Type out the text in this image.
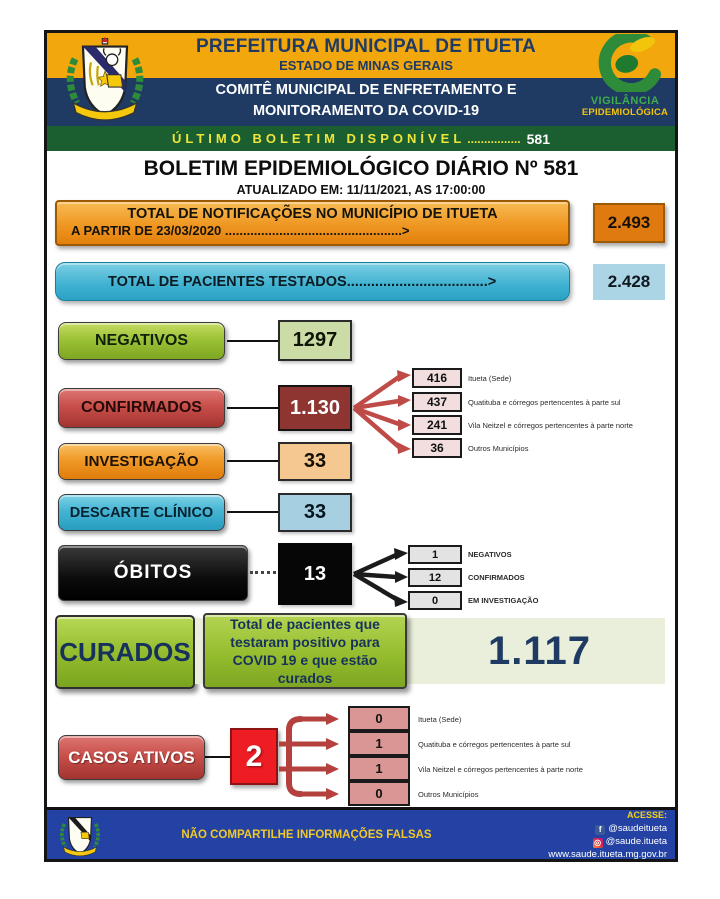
PREFEITURA MUNICIPAL DE ITUETA
ESTADO DE MINAS GERAIS
COMITÊ MUNICIPAL DE ENFRETAMENTO E
MONITORAMENTO DA COVID-19
VIGILÂNCIA
EPIDEMIOLÓGICA
ÚLTIMO BOLETIM DISPONÍVEL ................ 581
BOLETIM EPIDEMIOLÓGICO DIÁRIO Nº 581
ATUALIZADO EM: 11/11/2021, AS 17:00:00
TOTAL DE NOTIFICAÇÕES NO MUNICÍPIO DE ITUETA
A PARTIR DE 23/03/2020 .................................................>	2.493
TOTAL DE PACIENTES TESTADOS...................................>	2.428
NEGATIVOS	1297
CONFIRMADOS	1.130
416	Itueta (Sede)
437	Quatituba e córregos pertencentes à parte sul
241	Vila Neitzel e córregos pertencentes à parte norte
36	Outros Municípios
INVESTIGAÇÃO	33
DESCARTE CLÍNICO	33
ÓBITOS	13
1	NEGATIVOS
12	CONFIRMADOS
0	EM INVESTIGAÇÃO
CURADOS
Total de pacientes que testaram positivo para COVID 19 e que estão curados
1.117
CASOS ATIVOS	2
0	Itueta (Sede)
1	Quatituba e córregos pertencentes à parte sul
1	Vila Neitzel e córregos pertencentes à parte norte
0	Outros Municípios
NÃO COMPARTILHE INFORMAÇÕES FALSAS
ACESSE:
f @saudeitueta
◎ @saude.itueta
www.saude.itueta.mg.gov.br
